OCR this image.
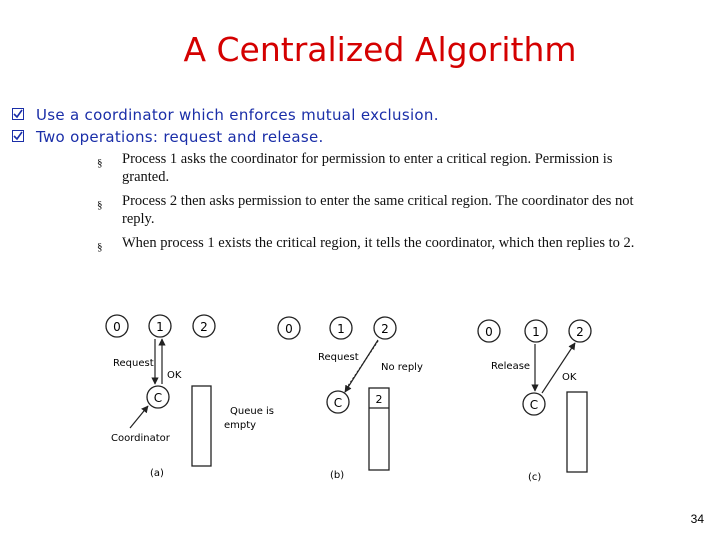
A Centralized Algorithm
Use a coordinator which enforces mutual exclusion.
Two operations: request and release.
§ Process 1 asks the coordinator for permission to enter a critical region. Permission is granted.
§ Process 2 then asks permission to enter the same critical region. The coordinator des not reply.
§ When process 1 exists the critical region, it tells the coordinator, which then replies to 2.
0	1	2
C
Request
OK
Queue is
empty
Coordinator
(a)
0	1	2
C
Request
No reply
2
(b)
0	1	2
C
Release
OK
(c)
34
